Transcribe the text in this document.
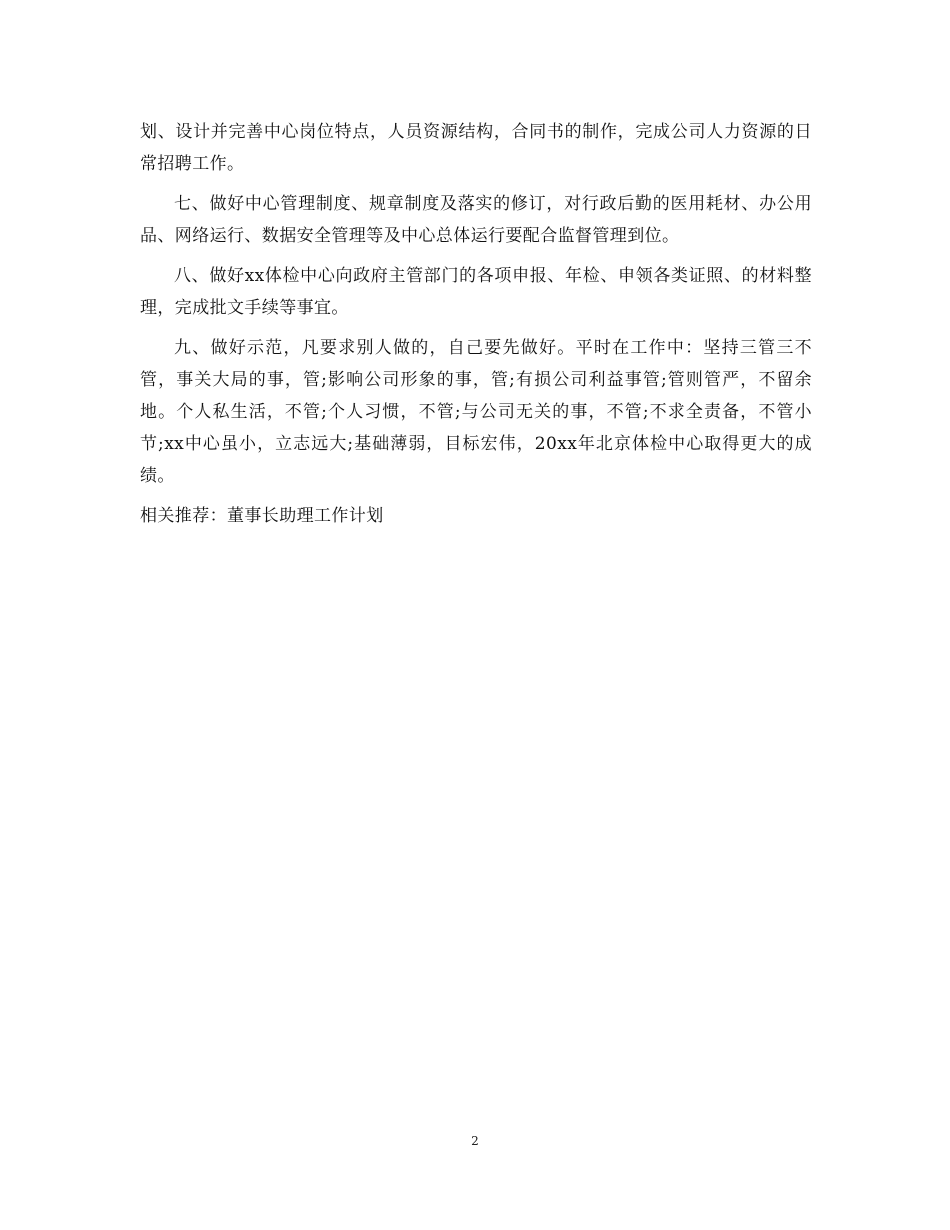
划、设计并完善中心岗位特点，人员资源结构，合同书的制作，完成公司人力资源的日常招聘工作。

七、做好中心管理制度、规章制度及落实的修订，对行政后勤的医用耗材、办公用品、网络运行、数据安全管理等及中心总体运行要配合监督管理到位。

八、做好xx体检中心向政府主管部门的各项申报、年检、申领各类证照、的材料整理，完成批文手续等事宜。

九、做好示范，凡要求别人做的，自己要先做好。平时在工作中：坚持三管三不管，事关大局的事，管;影响公司形象的事，管;有损公司利益事管;管则管严，不留余地。个人私生活，不管;个人习惯，不管;与公司无关的事，不管;不求全责备，不管小节;xx中心虽小，立志远大;基础薄弱，目标宏伟，20xx年北京体检中心取得更大的成绩。

相关推荐：董事长助理工作计划

2
